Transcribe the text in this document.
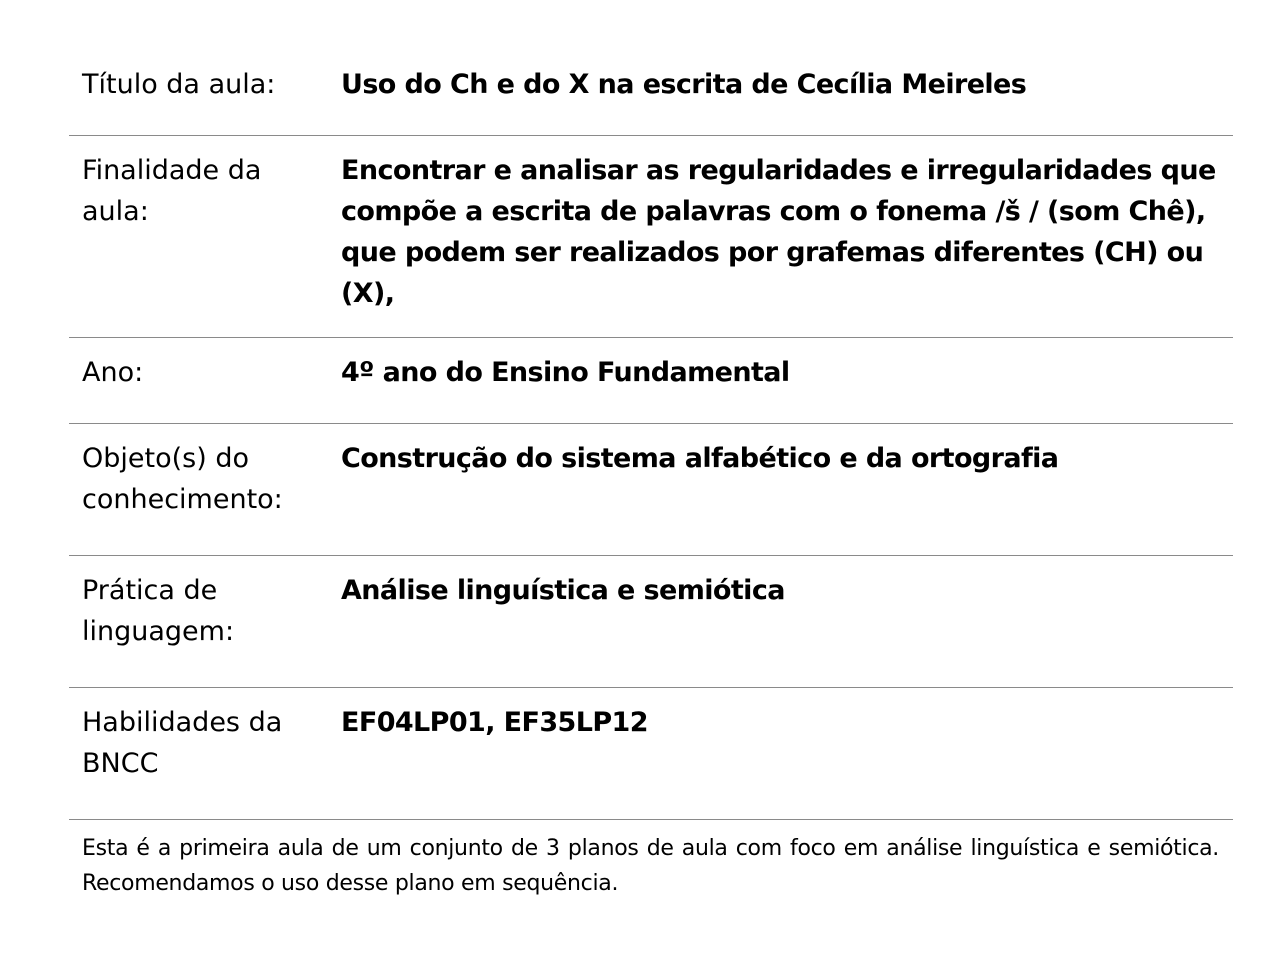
Título da aula:	Uso do Ch e do X na escrita de Cecília Meireles
Finalidade da aula:
Encontrar e analisar as regularidades e irregularidades que compõe a escrita de palavras com o fonema /š / (som Chê), que podem ser realizados por grafemas diferentes (CH) ou (X),
Ano:	4º ano do Ensino Fundamental
Objeto(s) do conhecimento:
Construção do sistema alfabético e da ortografia
Prática de linguagem:
Análise linguística e semiótica
Habilidades da BNCC
EF04LP01, EF35LP12
Esta é a primeira aula de um conjunto de 3 planos de aula com foco em análise linguística e semiótica. Recomendamos o uso desse plano em sequência.
